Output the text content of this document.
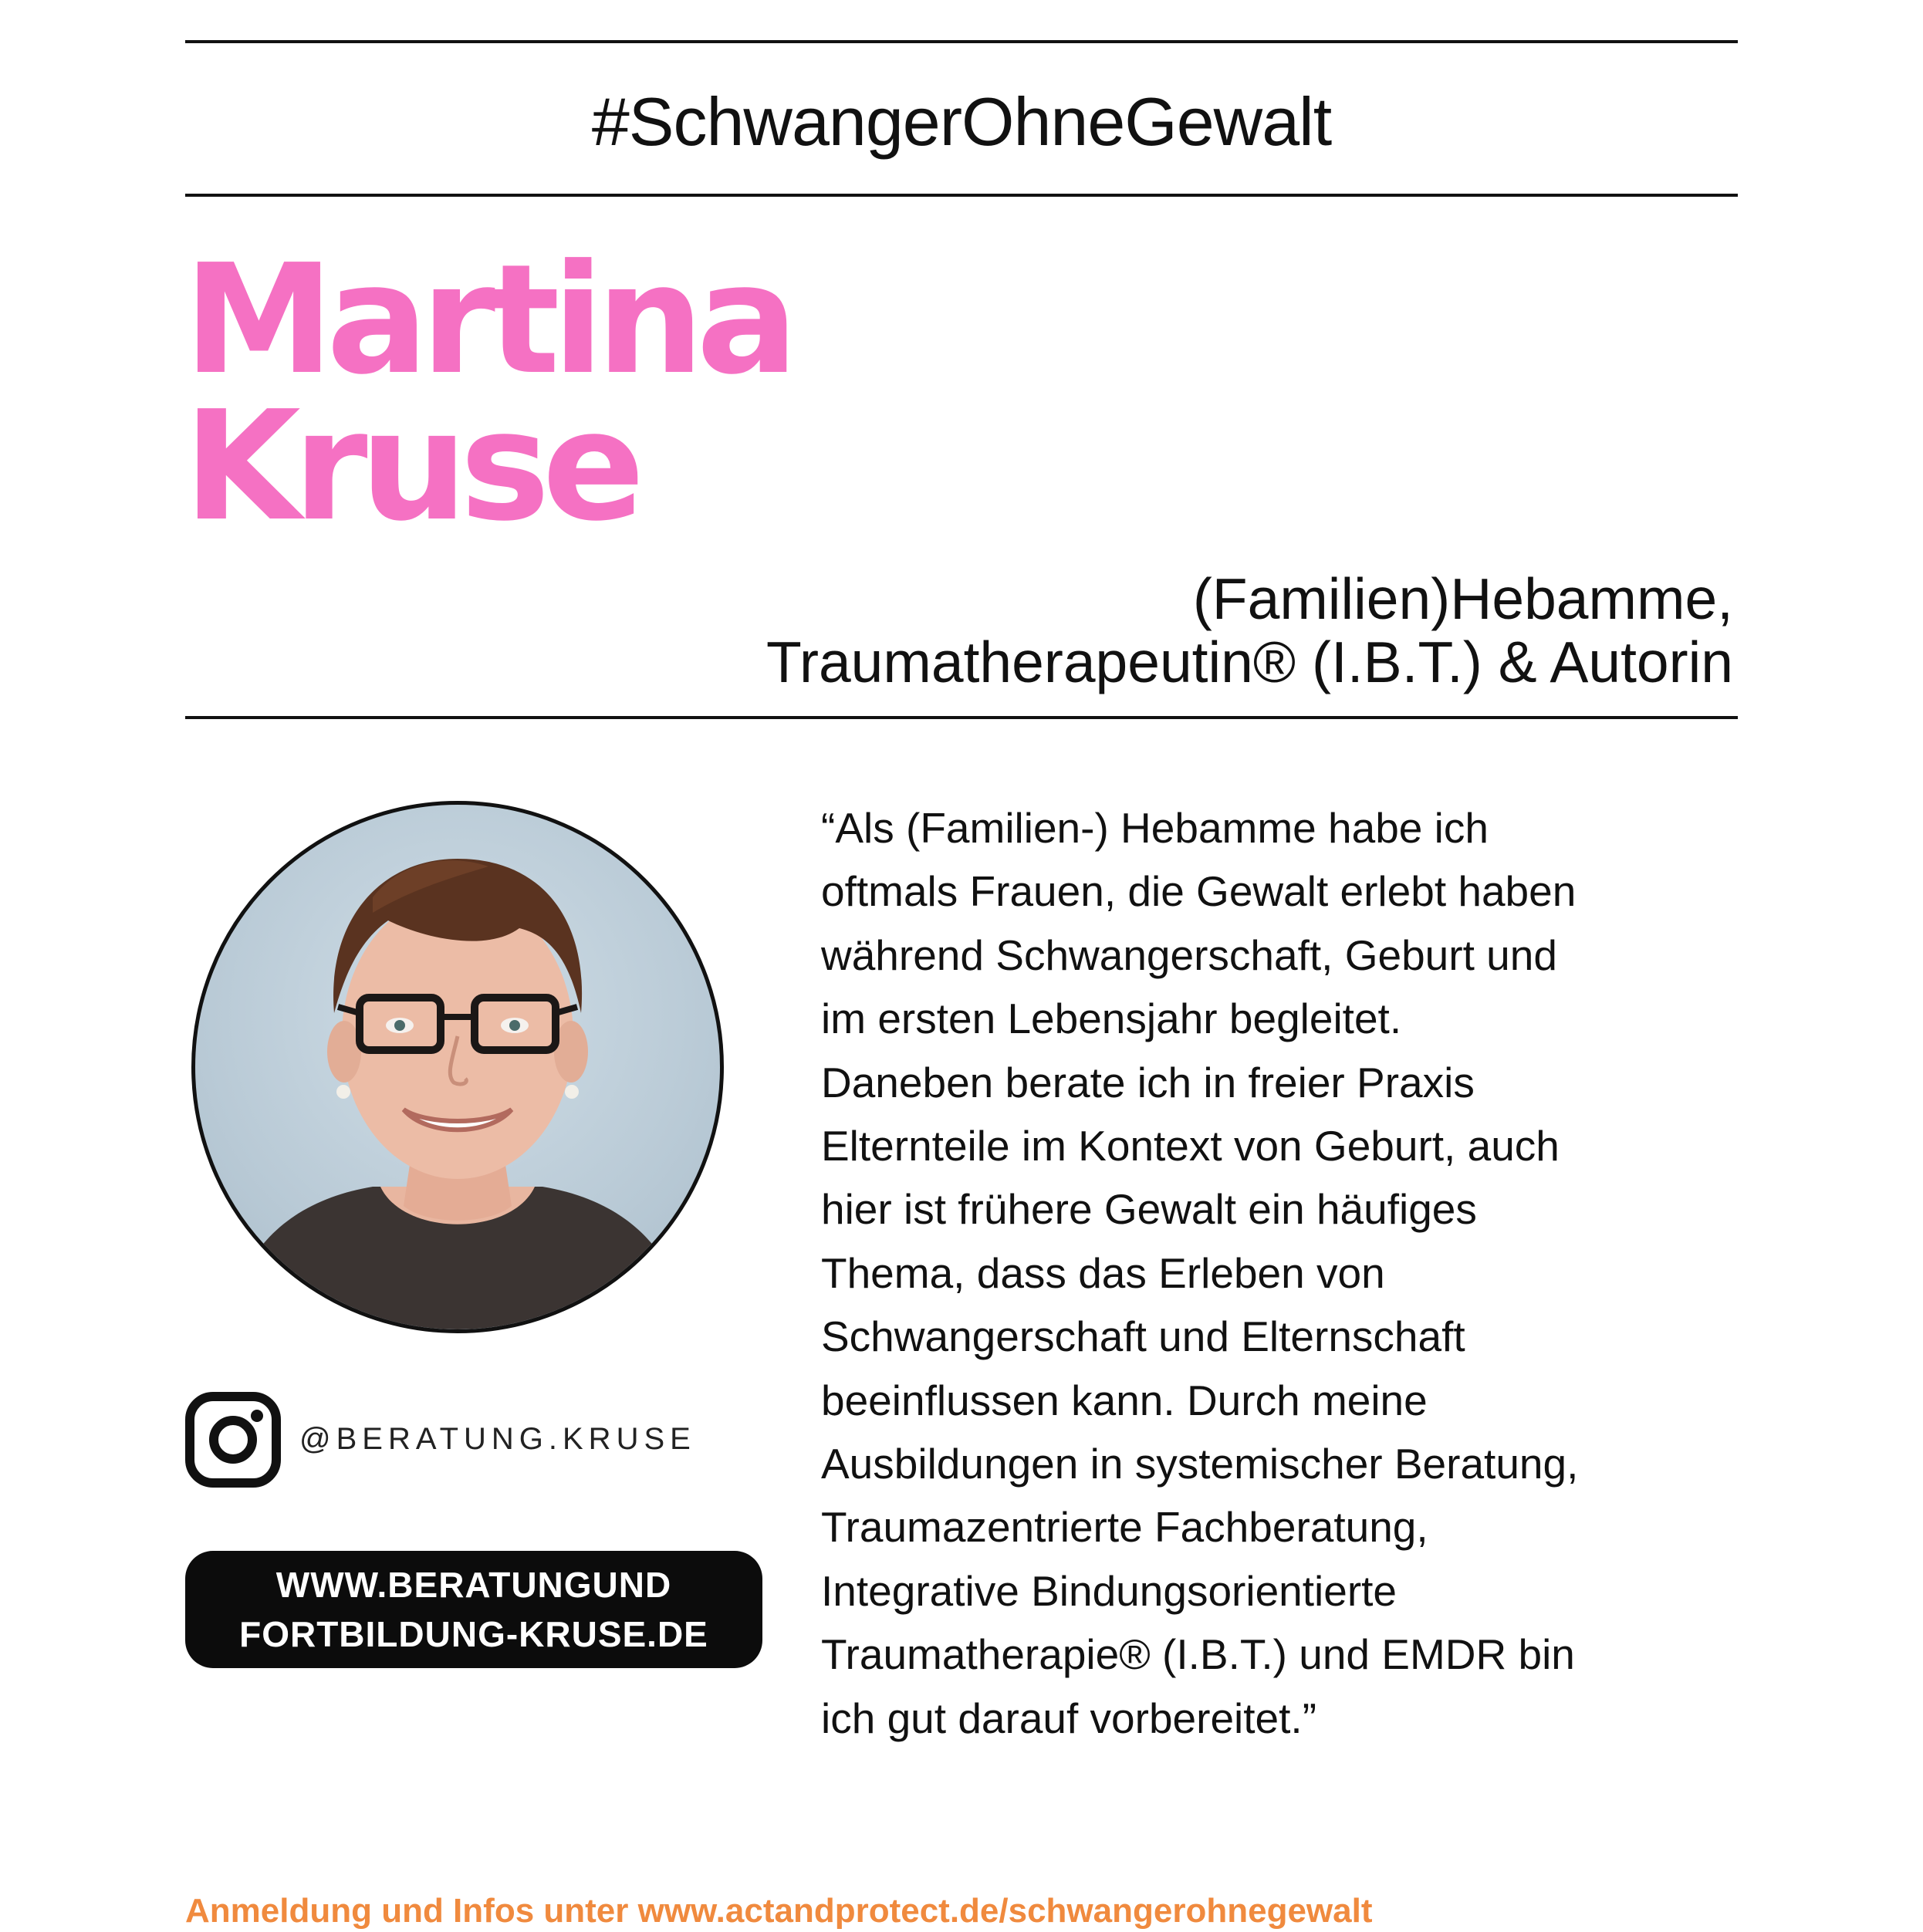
#SchwangerOhneGewalt
Martina
Kruse
(Familien)Hebamme,
Traumatherapeutin® (I.B.T.) & Autorin
@BERATUNG.KRUSE
WWW.BERATUNGUND
FORTBILDUNG-KRUSE.DE
“Als (Familien-) Hebamme habe ich
oftmals Frauen, die Gewalt erlebt haben
während Schwangerschaft, Geburt und
im ersten Lebensjahr begleitet.
Daneben berate ich in freier Praxis
Elternteile im Kontext von Geburt, auch
hier ist frühere Gewalt ein häufiges
Thema, dass das Erleben von
Schwangerschaft und Elternschaft
beeinflussen kann. Durch meine
Ausbildungen in systemischer Beratung,
Traumazentrierte Fachberatung,
Integrative Bindungsorientierte
Traumatherapie® (I.B.T.) und EMDR bin
ich gut darauf vorbereitet.”
Anmeldung und Infos unter www.actandprotect.de/schwangerohnegewalt
